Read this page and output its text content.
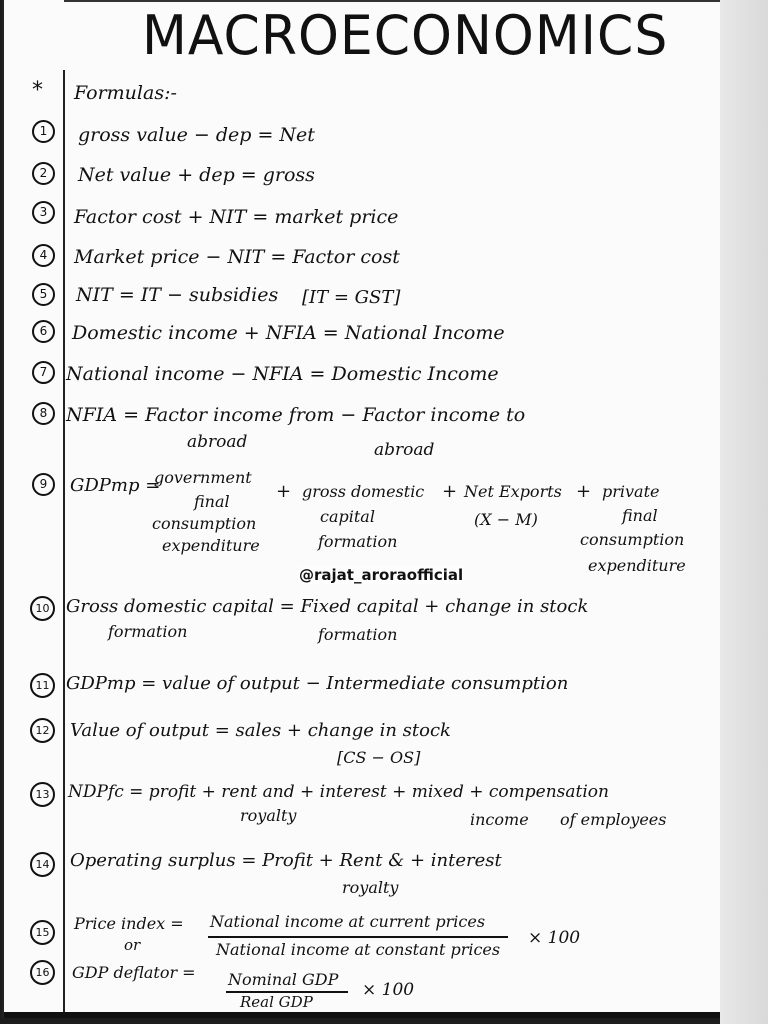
MACROECONOMICS
* Formulas:-
1	gross value − dep = Net
2	Net value + dep = gross
3	Factor cost + NIT = market price
4	Market price − NIT = Factor cost
5	NIT = IT − subsidies [IT = GST]
6	Domestic income + NFIA = National Income
7 National income − NFIA = Domestic Income
8 NFIA = Factor income from − Factor income to
abroad	abroad
9	GDPmp =
government
final
consumption
expenditure
+ gross domestic
capital
formation
+ Net Exports
(X − M)
+ private
final
consumption
expenditure
@rajat_aroraofficial
10 Gross domestic capital = Fixed capital + change in stock
formation	formation
11 GDPmp = value of output − Intermediate consumption
12	Value of output = sales + change in stock
[CS − OS]
13	NDPfc = profit + rent and + interest + mixed + compensation
royalty	income of employees
14	Operating surplus = Profit + Rent & + interest
royalty
15	Price index =
or
National income at current prices
National income at constant prices
× 100
16	GDP deflator = Nominal GDP
Real GDP
× 100
